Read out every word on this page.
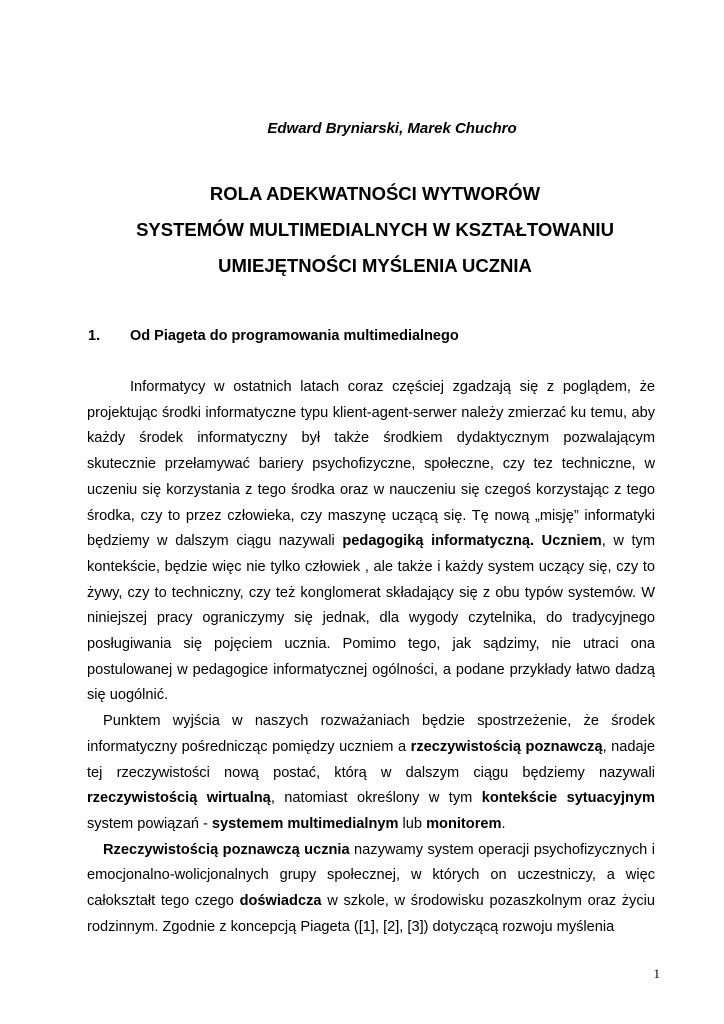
Edward Bryniarski, Marek Chuchro
ROLA ADEKWATNOŚCI WYTWORÓW
SYSTEMÓW MULTIMEDIALNYCH W KSZTAŁTOWANIU
UMIEJĘTNOŚCI MYŚLENIA UCZNIA
1. Od Piageta do programowania multimedialnego

Informatycy w ostatnich latach coraz częściej zgadzają się z poglądem, że projektując środki informatyczne typu klient-agent-serwer należy zmierzać ku temu, aby każdy środek informatyczny był także środkiem dydaktycznym pozwalającym skutecznie przełamywać bariery psychofizyczne, społeczne, czy tez techniczne, w uczeniu się korzystania z tego środka oraz w nauczeniu się czegoś korzystając z tego środka, czy to przez człowieka, czy maszynę uczącą się. Tę nową „misję” informatyki będziemy w dalszym ciągu nazywali pedagogiką informatyczną. Uczniem, w tym kontekście, będzie więc nie tylko człowiek , ale także i każdy system uczący się, czy to żywy, czy to techniczny, czy też konglomerat składający się z obu typów systemów. W niniejszej pracy ograniczymy się jednak, dla wygody czytelnika, do tradycyjnego posługiwania się pojęciem ucznia. Pomimo tego, jak sądzimy, nie utraci ona postulowanej w pedagogice informatycznej ogólności, a podane przykłady łatwo dadzą się uogólnić.

Punktem wyjścia w naszych rozważaniach będzie spostrzeżenie, że środek informatyczny pośrednicząc pomiędzy uczniem a rzeczywistością poznawczą, nadaje tej rzeczywistości nową postać, którą w dalszym ciągu będziemy nazywali rzeczywistością wirtualną, natomiast określony w tym kontekście sytuacyjnym system powiązań - systemem multimedialnym lub monitorem.

Rzeczywistością poznawczą ucznia nazywamy system operacji psychofizycznych i emocjonalno-wolicjonalnych grupy społecznej, w których on uczestniczy, a więc całokształt tego czego doświadcza w szkole, w środowisku pozaszkolnym oraz życiu rodzinnym. Zgodnie z koncepcją Piageta ([1], [2], [3]) dotyczącą rozwoju myślenia

1
